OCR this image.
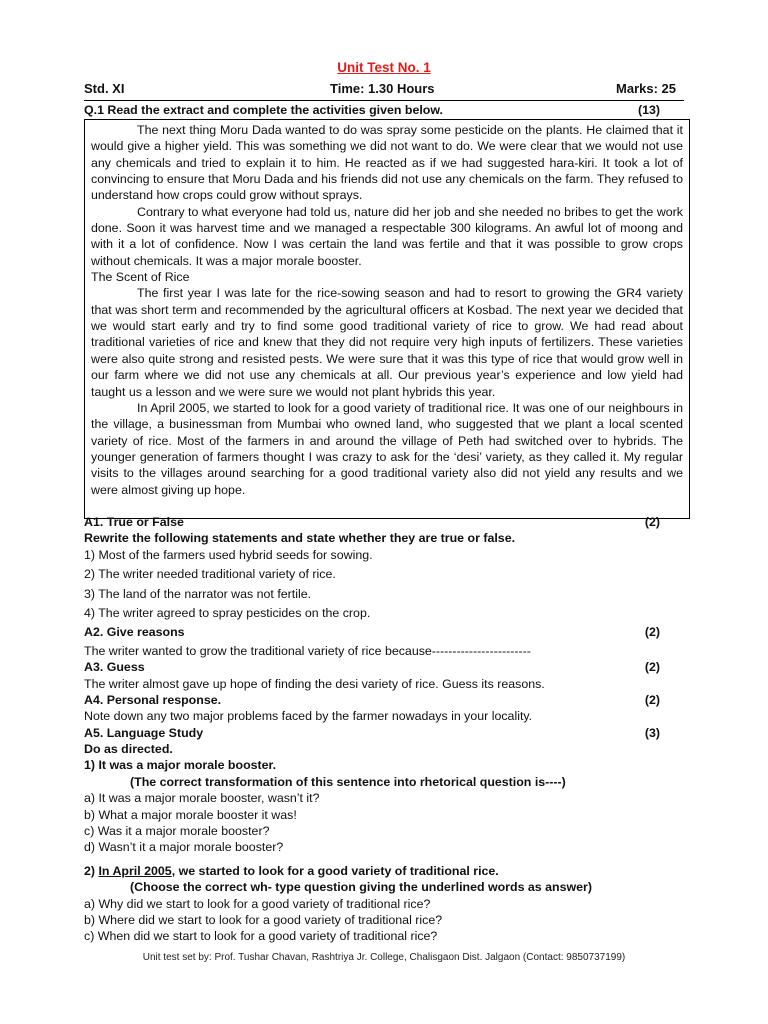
Unit Test No. 1
Std. XI	Time: 1.30 Hours	Marks: 25
Q.1 Read the extract and complete the activities given below.	(13)

The next thing Moru Dada wanted to do was spray some pesticide on the plants. He claimed that it would give a higher yield. This was something we did not want to do. We were clear that we would not use any chemicals and tried to explain it to him. He reacted as if we had suggested hara-kiri. It took a lot of convincing to ensure that Moru Dada and his friends did not use any chemicals on the farm. They refused to understand how crops could grow without sprays.

Contrary to what everyone had told us, nature did her job and she needed no bribes to get the work done. Soon it was harvest time and we managed a respectable 300 kilograms. An awful lot of moong and with it a lot of confidence. Now I was certain the land was fertile and that it was possible to grow crops without chemicals. It was a major morale booster.

The Scent of Rice

The first year I was late for the rice-sowing season and had to resort to growing the GR4 variety that was short term and recommended by the agricultural officers at Kosbad. The next year we decided that we would start early and try to find some good traditional variety of rice to grow. We had read about traditional varieties of rice and knew that they did not require very high inputs of fertilizers. These varieties were also quite strong and resisted pests. We were sure that it was this type of rice that would grow well in our farm where we did not use any chemicals at all. Our previous year’s experience and low yield had taught us a lesson and we were sure we would not plant hybrids this year.

In April 2005, we started to look for a good variety of traditional rice. It was one of our neighbours in the village, a businessman from Mumbai who owned land, who suggested that we plant a local scented variety of rice. Most of the farmers in and around the village of Peth had switched over to hybrids. The younger generation of farmers thought I was crazy to ask for the ‘desi’ variety, as they called it. My regular visits to the villages around searching for a good traditional variety also did not yield any results and we were almost giving up hope.

A1. True or False	(2)
Rewrite the following statements and state whether they are true or false.
1) Most of the farmers used hybrid seeds for sowing.
2) The writer needed traditional variety of rice.
3) The land of the narrator was not fertile.
4) The writer agreed to spray pesticides on the crop.
A2. Give reasons	(2)
The writer wanted to grow the traditional variety of rice because------------------------
A3. Guess	(2)
The writer almost gave up hope of finding the desi variety of rice. Guess its reasons.
A4. Personal response.	(2)
Note down any two major problems faced by the farmer nowadays in your locality.
A5. Language Study	(3)
Do as directed.
1) It was a major morale booster.
(The correct transformation of this sentence into rhetorical question is----)
a) It was a major morale booster, wasn’t it?
b) What a major morale booster it was!
c) Was it a major morale booster?
d) Wasn’t it a major morale booster?
2) In April 2005, we started to look for a good variety of traditional rice.
(Choose the correct wh- type question giving the underlined words as answer)
a) Why did we start to look for a good variety of traditional rice?
b) Where did we start to look for a good variety of traditional rice?
c) When did we start to look for a good variety of traditional rice?
Unit test set by: Prof. Tushar Chavan, Rashtriya Jr. College, Chalisgaon Dist. Jalgaon (Contact: 9850737199)
